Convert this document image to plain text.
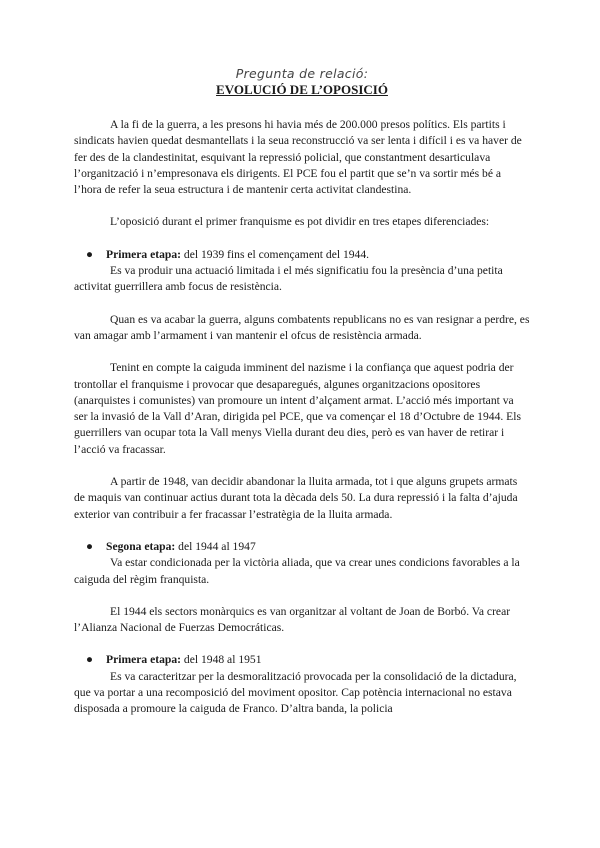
Pregunta de relació:
EVOLUCIÓ DE L’OPOSICIÓ

A la fi de la guerra, a les presons hi havia més de 200.000 presos polítics. Els partits i sindicats havien quedat desmantellats i la seua reconstrucció va ser lenta i difícil i es va haver de fer des de la clandestinitat, esquivant la repressió policial, que constantment desarticulava l’organització i n’empresonava els dirigents. El PCE fou el partit que se’n va sortir més bé a l’hora de refer la seua estructura i de mantenir certa activitat clandestina.

L’oposició durant el primer franquisme es pot dividir en tres etapes diferenciades:

● Primera etapa: del 1939 fins el començament del 1944.

Es va produir una actuació limitada i el més significatiu fou la presència d’una petita activitat guerrillera amb focus de resistència.

Quan es va acabar la guerra, alguns combatents republicans no es van resignar a perdre, es van amagar amb l’armament i van mantenir el ofcus de resistència armada.

Tenint en compte la caiguda imminent del nazisme i la confiança que aquest podria der trontollar el franquisme i provocar que desaparegués, algunes organitzacions opositores (anarquistes i comunistes) van promoure un intent d’alçament armat. L’acció més important va ser la invasió de la Vall d’Aran, dirigida pel PCE, que va començar el 18 d’Octubre de 1944. Els guerrillers van ocupar tota la Vall menys Viella durant deu dies, però es van haver de retirar i l’acció va fracassar.

A partir de 1948, van decidir abandonar la lluita armada, tot i que alguns grupets armats de maquis van continuar actius durant tota la dècada dels 50. La dura repressió i la falta d’ajuda exterior van contribuir a fer fracassar l’estratègia de la lluita armada.

● Segona etapa: del 1944 al 1947

Va estar condicionada per la victòria aliada, que va crear unes condicions favorables a la caiguda del règim franquista.

El 1944 els sectors monàrquics es van organitzar al voltant de Joan de Borbó. Va crear l’Alianza Nacional de Fuerzas Democráticas.

● Primera etapa: del 1948 al 1951

Es va caracteritzar per la desmoralització provocada per la consolidació de la dictadura, que va portar a una recomposició del moviment opositor. Cap potència internacional no estava disposada a promoure la caiguda de Franco. D’altra banda, la policia
